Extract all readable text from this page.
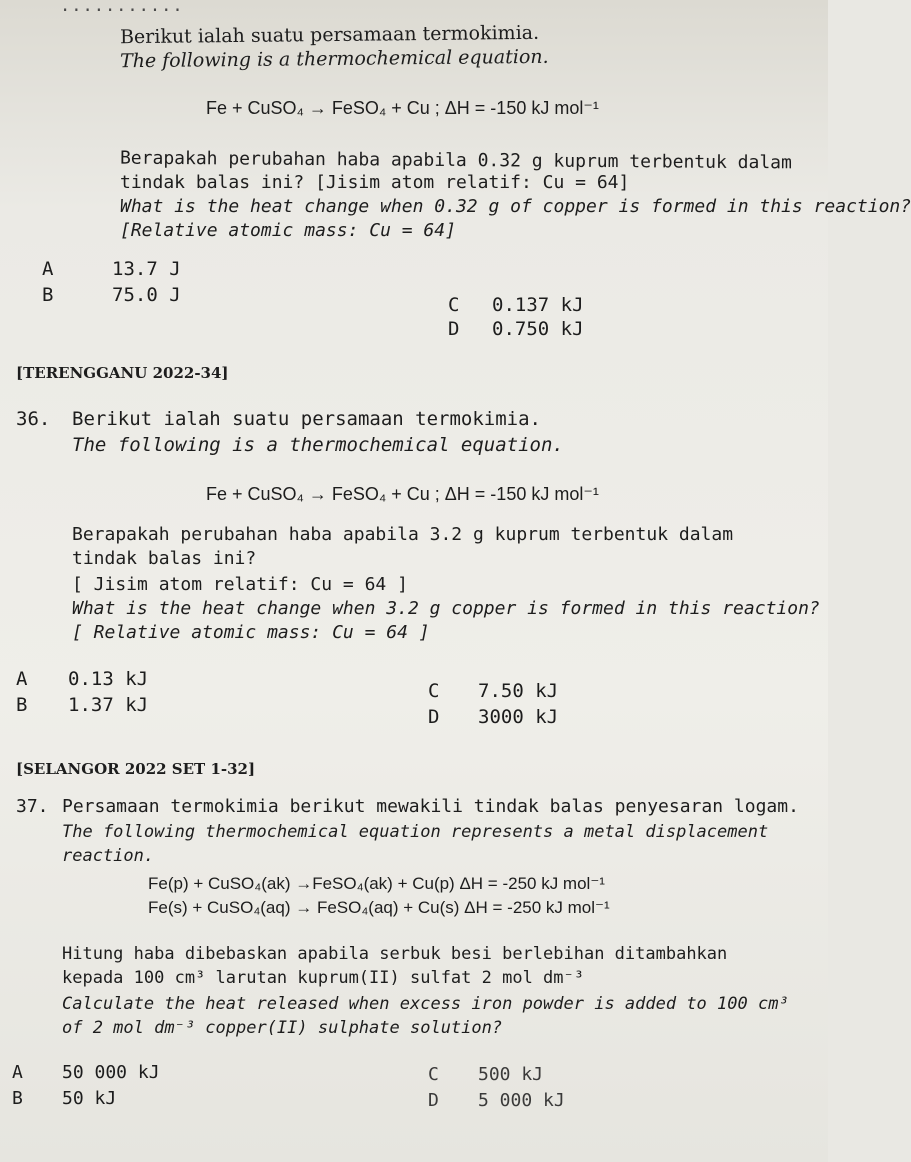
...........
Berikut ialah suatu persamaan termokimia.
The following is a thermochemical equation.
Fe + CuSO₄ → FeSO₄ + Cu ; ΔH = -150 kJ mol⁻¹
Berapakah perubahan haba apabila 0.32 g kuprum terbentuk dalam
tindak balas ini? [Jisim atom relatif: Cu = 64]
What is the heat change when 0.32 g of copper is formed in this reaction?
[Relative atomic mass: Cu = 64]
A	13.7 J
B	75.0 J	C 0.137 kJ
D 0.750 kJ
[TERENGGANU 2022-34]
36. Berikut ialah suatu persamaan termokimia.
The following is a thermochemical equation.
Fe + CuSO₄ → FeSO₄ + Cu ; ΔH = -150 kJ mol⁻¹
Berapakah perubahan haba apabila 3.2 g kuprum terbentuk dalam
tindak balas ini?
[ Jisim atom relatif: Cu = 64 ]
What is the heat change when 3.2 g copper is formed in this reaction?
[ Relative atomic mass: Cu = 64 ]
A 0.13 kJ
B 1.37 kJ
C 7.50 kJ
D 3000 kJ
[SELANGOR 2022 SET 1-32]
37. Persamaan termokimia berikut mewakili tindak balas penyesaran logam.
The following thermochemical equation represents a metal displacement
reaction.
Fe(p) + CuSO₄(ak) →FeSO₄(ak) + Cu(p) ΔH = -250 kJ mol⁻¹
Fe(s) + CuSO₄(aq) → FeSO₄(aq) + Cu(s) ΔH = -250 kJ mol⁻¹
Hitung haba dibebaskan apabila serbuk besi berlebihan ditambahkan
kepada 100 cm³ larutan kuprum(II) sulfat 2 mol dm⁻³
Calculate the heat released when excess iron powder is added to 100 cm³
of 2 mol dm⁻³ copper(II) sulphate solution?
A 50 000 kJ
B 50 kJ
C 500 kJ
D 5 000 kJ
